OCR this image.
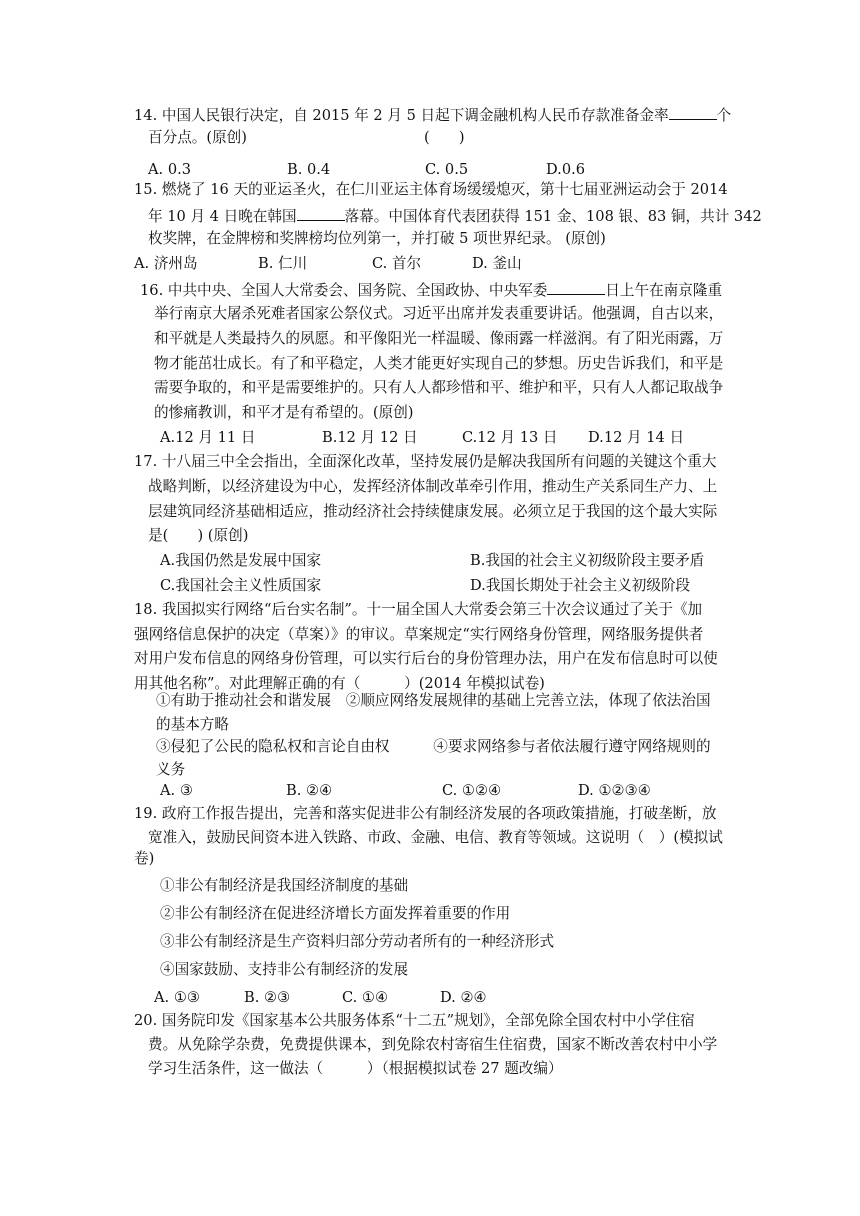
14. 中国人民银行决定，自 2015 年 2 月 5 日起下调金融机构人民币存款准备金率	个
百分点。(原创)	(　　)
A. 0.3	B. 0.4	C. 0.5	D.0.6
15. 燃烧了 16 天的亚运圣火，在仁川亚运主体育场缓缓熄灭，第十七届亚洲运动会于 2014
年 10 月 4 日晚在韩国	落幕。中国体育代表团获得 151 金、108 银、83 铜，共计 342
枚奖牌，在金牌榜和奖牌榜均位列第一，并打破 5 项世界纪录。 (原创)
A. 济州岛	B. 仁川	C. 首尔	D. 釜山
16. 中共中央、全国人大常委会、国务院、全国政协、中央军委	日上午在南京隆重
举行南京大屠杀死难者国家公祭仪式。习近平出席并发表重要讲话。他强调，自古以来，
和平就是人类最持久的夙愿。和平像阳光一样温暖、像雨露一样滋润。有了阳光雨露，万
物才能茁壮成长。有了和平稳定，人类才能更好实现自己的梦想。历史告诉我们，和平是
需要争取的，和平是需要维护的。只有人人都珍惜和平、维护和平，只有人人都记取战争
的惨痛教训，和平才是有希望的。(原创)
A.12 月 11 日	B.12 月 12 日	C.12 月 13 日 D.12 月 14 日
17. 十八届三中全会指出，全面深化改革，坚持发展仍是解决我国所有问题的关键这个重大
战略判断，以经济建设为中心，发挥经济体制改革牵引作用，推动生产关系同生产力、上
层建筑同经济基础相适应，推动经济社会持续健康发展。必须立足于我国的这个最大实际
是(　　) (原创)
A.我国仍然是发展中国家	B.我国的社会主义初级阶段主要矛盾
C.我国社会主义性质国家	D.我国长期处于社会主义初级阶段
18. 我国拟实行网络“后台实名制”。十一届全国人大常委会第三十次会议通过了关于《加
强网络信息保护的决定（草案）》的审议。草案规定“实行网络身份管理，网络服务提供者
对用户发布信息的网络身份管理，可以实行后台的身份管理办法，用户在发布信息时可以使
用其他名称”。对此理解正确的有（　　　）(2014 年模拟试卷)
①有助于推动社会和谐发展　②顺应网络发展规律的基础上完善立法，体现了依法治国
的基本方略
③侵犯了公民的隐私权和言论自由权　　　④要求网络参与者依法履行遵守网络规则的
义务
A. ③	B. ②④	C. ①②④	D. ①②③④
19. 政府工作报告提出，完善和落实促进非公有制经济发展的各项政策措施，打破垄断，放
宽准入，鼓励民间资本进入铁路、市政、金融、电信、教育等领域。这说明（　）(模拟试
卷)
①非公有制经济是我国经济制度的基础
②非公有制经济在促进经济增长方面发挥着重要的作用
③非公有制经济是生产资料归部分劳动者所有的一种经济形式
④国家鼓励、支持非公有制经济的发展
A. ①③	B. ②③	C. ①④	D. ②④
20. 国务院印发《国家基本公共服务体系“十二五”规划》，全部免除全国农村中小学住宿
费。从免除学杂费，免费提供课本，到免除农村寄宿生住宿费，国家不断改善农村中小学
学习生活条件，这一做法（　　　）（根据模拟试卷 27 题改编）
